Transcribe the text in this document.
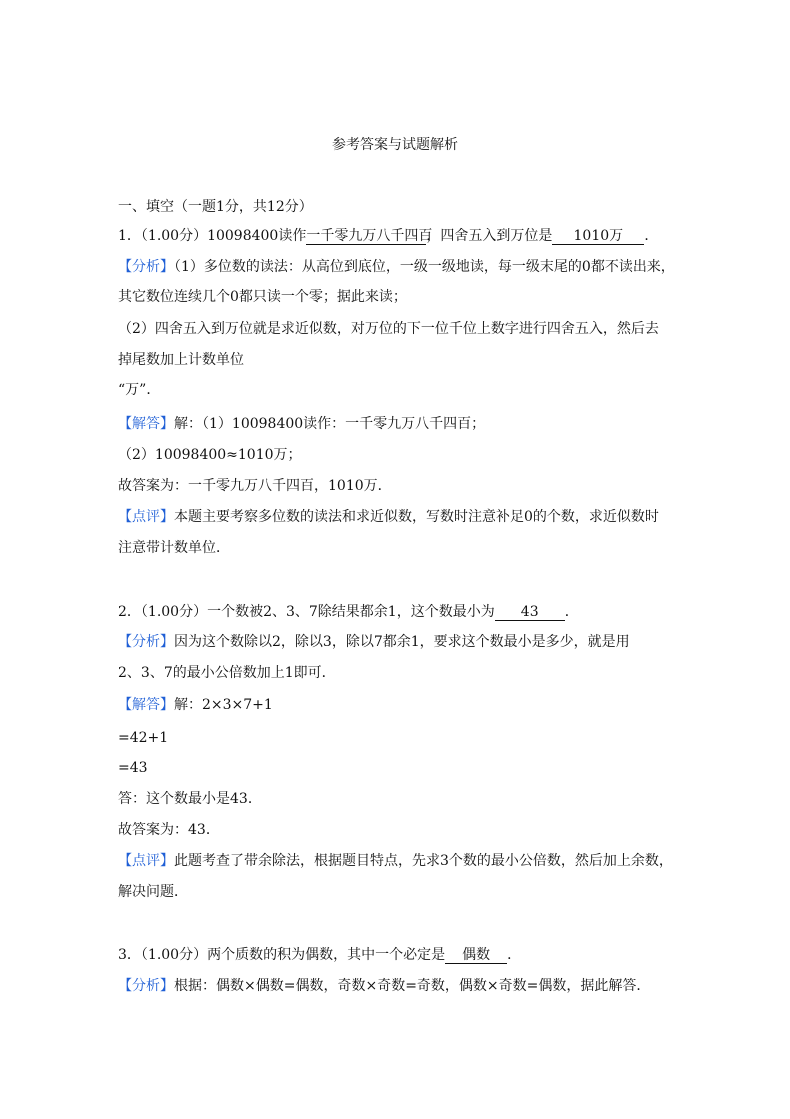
参考答案与试题解析
一、填空（一题1分，共12分）
1．（1.00分）10098400读作一千零九万八千四百，四舍五入到万位是 1010万 ．
【分析】（1）多位数的读法：从高位到底位，一级一级地读，每一级末尾的0都不读出来，
其它数位连续几个0都只读一个零；据此来读；
（2）四舍五入到万位就是求近似数，对万位的下一位千位上数字进行四舍五入，然后去
掉尾数加上计数单位
“万”．
【解答】解：（1）10098400读作：一千零九万八千四百；
（2）10098400≈1010万；
故答案为：一千零九万八千四百，1010万．
【点评】本题主要考察多位数的读法和求近似数，写数时注意补足0的个数，求近似数时
注意带计数单位．
2．（1.00分）一个数被2、3、7除结果都余1，这个数最小为 43 ．
【分析】因为这个数除以2，除以3，除以7都余1，要求这个数最小是多少，就是用
2、3、7的最小公倍数加上1即可．
【解答】解：2×3×7+1
=42+1
=43
答：这个数最小是43．
故答案为：43．
【点评】此题考查了带余除法，根据题目特点，先求3个数的最小公倍数，然后加上余数，
解决问题．
3．（1.00分）两个质数的积为偶数，其中一个必定是 偶数 ．
【分析】根据：偶数×偶数=偶数，奇数×奇数=奇数，偶数×奇数=偶数，据此解答．
